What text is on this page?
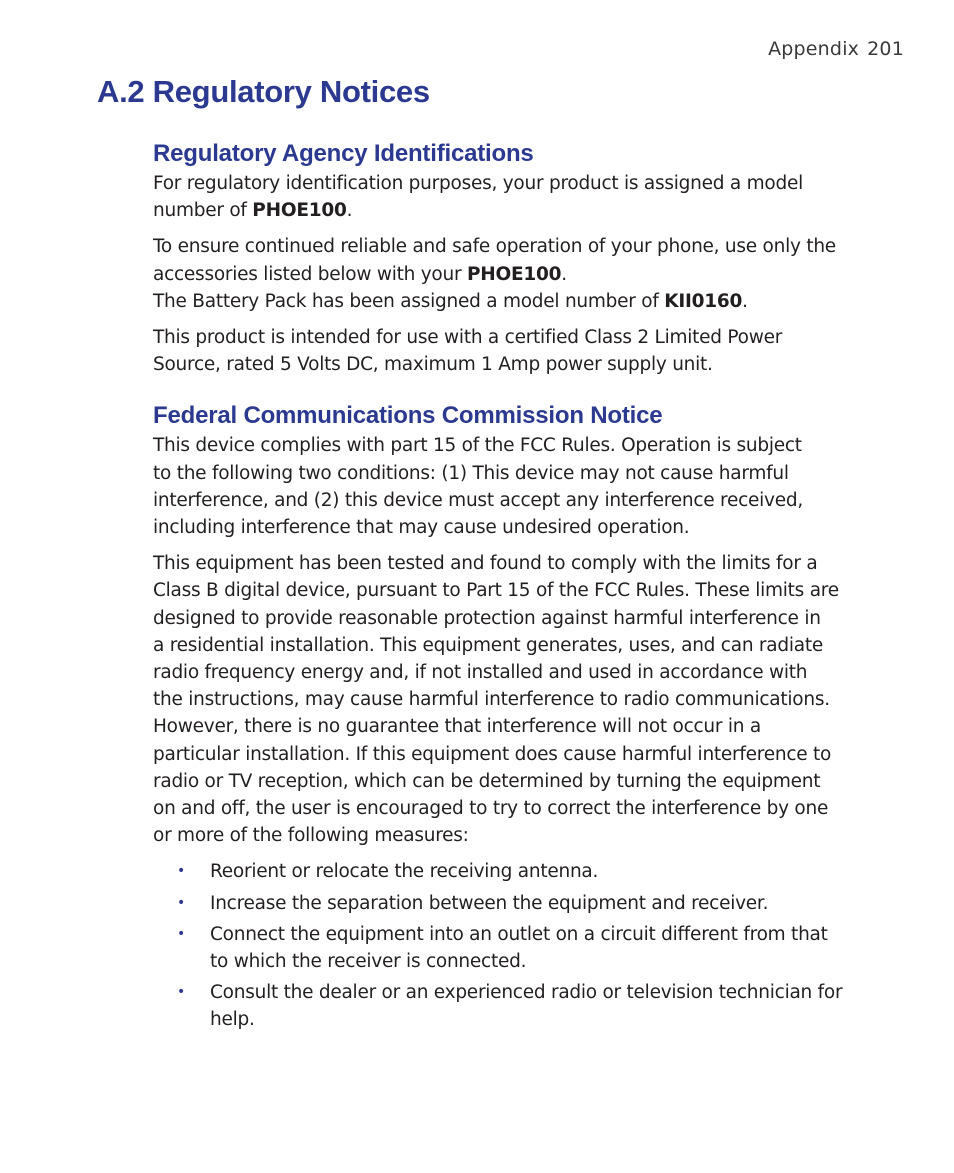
Appendix 201
A.2 Regulatory Notices
Regulatory Agency Identifications

For regulatory identification purposes, your product is assigned a model
number of PHOE100.

To ensure continued reliable and safe operation of your phone, use only the
accessories listed below with your PHOE100.
The Battery Pack has been assigned a model number of KII0160.

This product is intended for use with a certified Class 2 Limited Power
Source, rated 5 Volts DC, maximum 1 Amp power supply unit.

Federal Communications Commission Notice

This device complies with part 15 of the FCC Rules. Operation is subject
to the following two conditions: (1) This device may not cause harmful
interference, and (2) this device must accept any interference received,
including interference that may cause undesired operation.

This equipment has been tested and found to comply with the limits for a
Class B digital device, pursuant to Part 15 of the FCC Rules. These limits are
designed to provide reasonable protection against harmful interference in
a residential installation. This equipment generates, uses, and can radiate
radio frequency energy and, if not installed and used in accordance with
the instructions, may cause harmful interference to radio communications.
However, there is no guarantee that interference will not occur in a
particular installation. If this equipment does cause harmful interference to
radio or TV reception, which can be determined by turning the equipment
on and off, the user is encouraged to try to correct the interference by one
or more of the following measures:

• Reorient or relocate the receiving antenna.
• Increase the separation between the equipment and receiver.
• Connect the equipment into an outlet on a circuit different from that
to which the receiver is connected.
• Consult the dealer or an experienced radio or television technician for
help.
